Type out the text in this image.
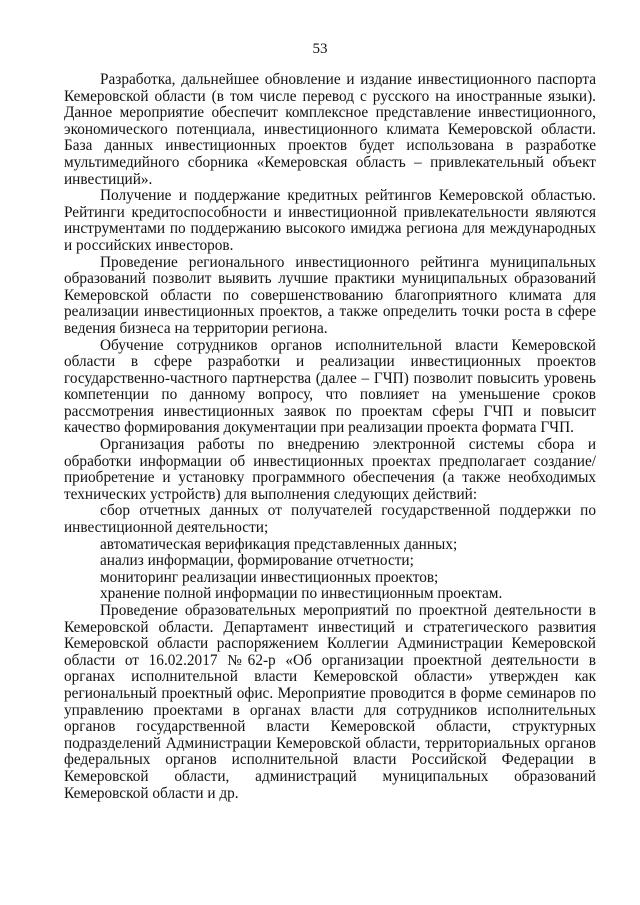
53

Разработка, дальнейшее обновление и издание инвестиционного паспорта Кемеровской области (в том числе перевод с русского на иностранные языки). Данное мероприятие обеспечит комплексное представление инвестиционного, экономического потенциала, инвестиционного климата Кемеровской области. База данных инвестиционных проектов будет использована в разработке мультимедийного сборника «Кемеровская область – привлекательный объект инвестиций».

Получение и поддержание кредитных рейтингов Кемеровской областью. Рейтинги кредитоспособности и инвестиционной привлекательности являются инструментами по поддержанию высокого имиджа региона для международных и российских инвесторов.

Проведение регионального инвестиционного рейтинга муниципальных образований позволит выявить лучшие практики муниципальных образований Кемеровской области по совершенствованию благоприятного климата для реализации инвестиционных проектов, а также определить точки роста в сфере ведения бизнеса на территории региона.

Обучение сотрудников органов исполнительной власти Кемеровской области в сфере разработки и реализации инвестиционных проектов государственно-частного партнерства (далее – ГЧП) позволит повысить уровень компетенции по данному вопросу, что повлияет на уменьшение сроков рассмотрения инвестиционных заявок по проектам сферы ГЧП и повысит качество формирования документации при реализации проекта формата ГЧП.

Организация работы по внедрению электронной системы сбора и обработки информации об инвестиционных проектах предполагает создание/приобретение и установку программного обеспечения (а также необходимых технических устройств) для выполнения следующих действий:

сбор отчетных данных от получателей государственной поддержки по инвестиционной деятельности;

автоматическая верификация представленных данных;

анализ информации, формирование отчетности;

мониторинг реализации инвестиционных проектов;

хранение полной информации по инвестиционным проектам.

Проведение образовательных мероприятий по проектной деятельности в Кемеровской области. Департамент инвестиций и стратегического развития Кемеровской области распоряжением Коллегии Администрации Кемеровской области от 16.02.2017 №62-р «Об организации проектной деятельности в органах исполнительной власти Кемеровской области» утвержден как региональный проектный офис. Мероприятие проводится в форме семинаров по управлению проектами в органах власти для сотрудников исполнительных органов государственной власти Кемеровской области, структурных подразделений Администрации Кемеровской области, территориальных органов федеральных органов исполнительной власти Российской Федерации в Кемеровской области, администраций муниципальных образований Кемеровской области и др.
